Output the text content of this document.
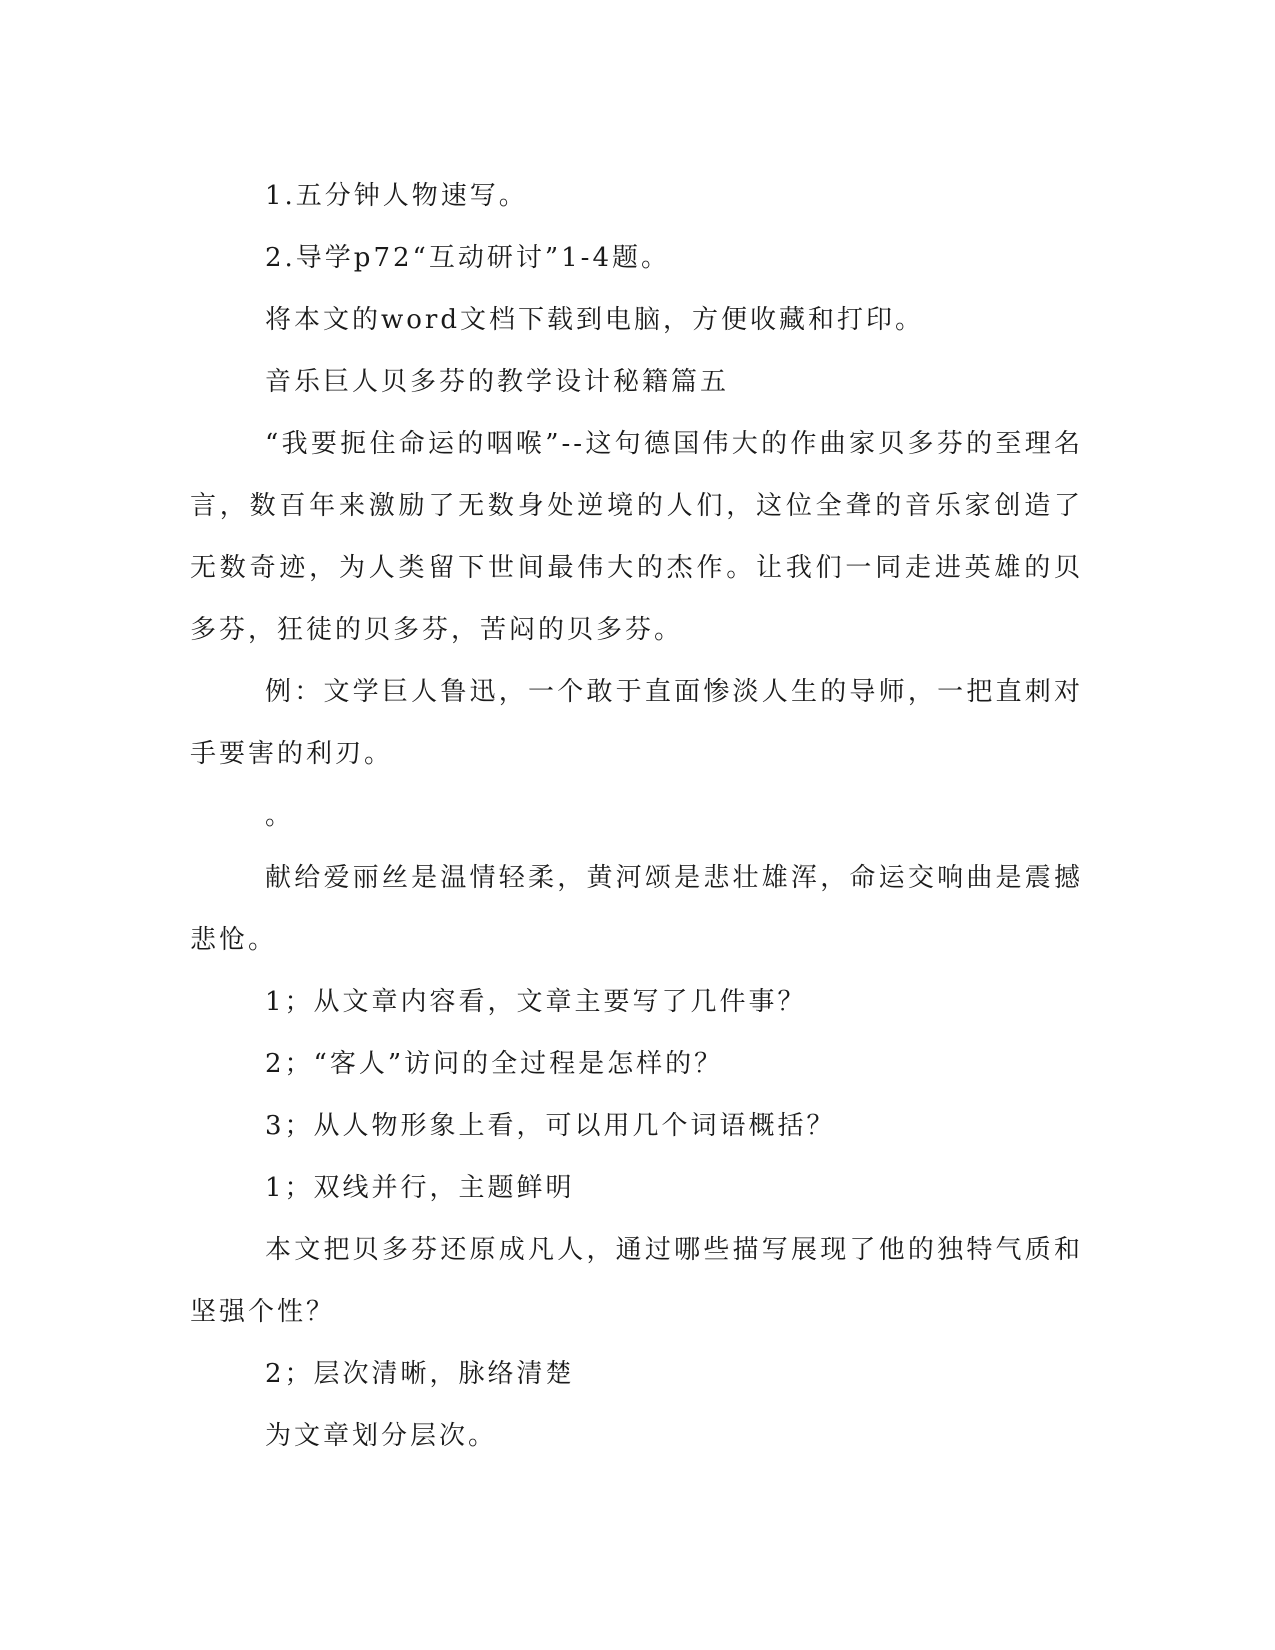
1.五分钟人物速写。

2.导学p72“互动研讨”1-4题。

将本文的word文档下载到电脑，方便收藏和打印。

音乐巨人贝多芬的教学设计秘籍篇五

“我要扼住命运的咽喉”--这句德国伟大的作曲家贝多芬的至理名言，数百年来激励了无数身处逆境的人们，这位全聋的音乐家创造了无数奇迹，为人类留下世间最伟大的杰作。让我们一同走进英雄的贝多芬，狂徒的贝多芬，苦闷的贝多芬。

例：文学巨人鲁迅，一个敢于直面惨淡人生的导师，一把直刺对手要害的利刃。

。

献给爱丽丝是温情轻柔，黄河颂是悲壮雄浑，命运交响曲是震撼悲怆。

1；从文章内容看，文章主要写了几件事？

2；“客人”访问的全过程是怎样的？

3；从人物形象上看，可以用几个词语概括？

1；双线并行，主题鲜明

本文把贝多芬还原成凡人，通过哪些描写展现了他的独特气质和坚强个性？

2；层次清晰，脉络清楚

为文章划分层次。
